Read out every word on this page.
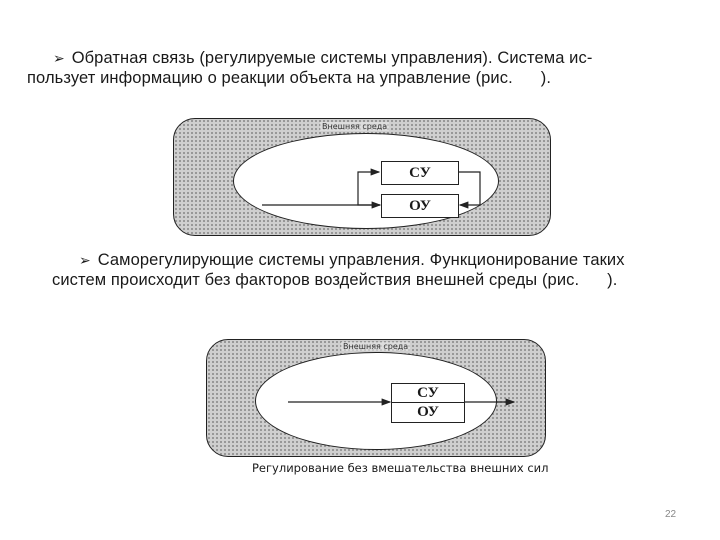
➢ Обратная связь (регулируемые системы управления). Система ис-
пользует информацию о реакции объекта на управление (рис. ).
Внешняя среда
СУ
ОУ
➢ Саморегулирующие системы управления. Функционирование таких
систем происходит без факторов воздействия внешней среды (рис. ).
Внешняя среда
СУ
ОУ
Регулирование без вмешательства внешних сил
22
